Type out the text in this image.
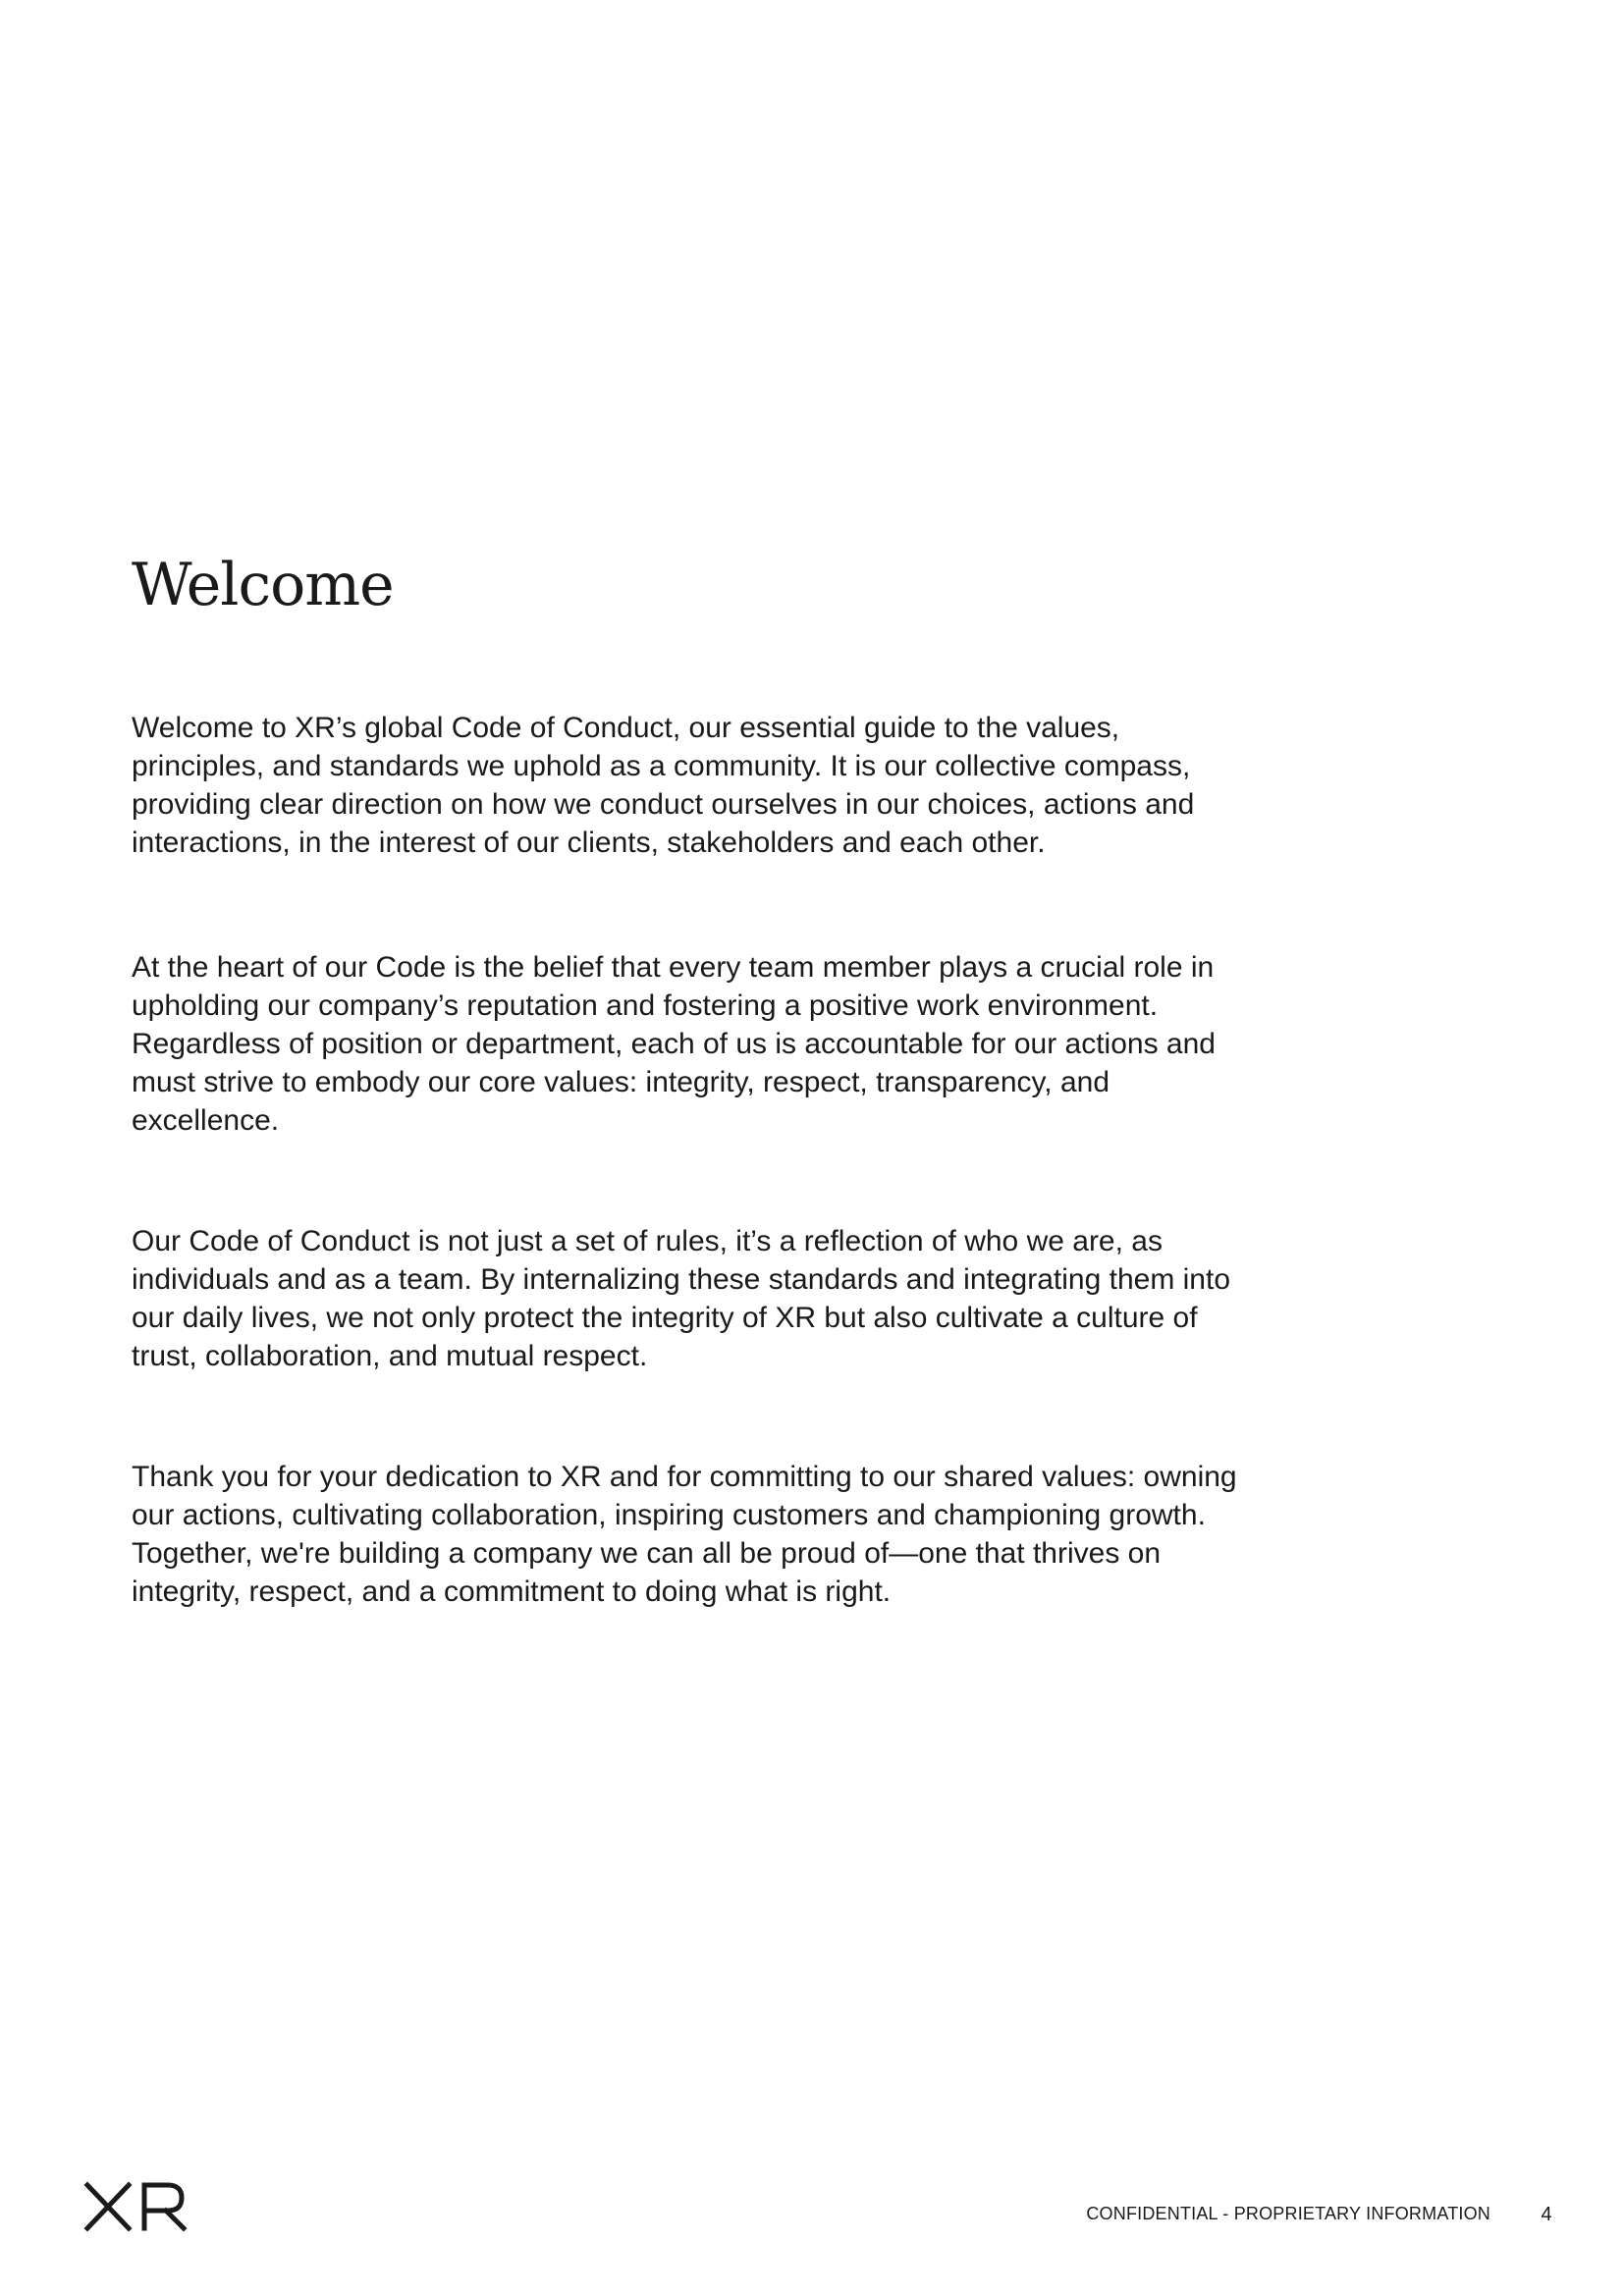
Welcome

Welcome to XR’s global Code of Conduct, our essential guide to the values,
principles, and standards we uphold as a community. It is our collective compass,
providing clear direction on how we conduct ourselves in our choices, actions and
interactions, in the interest of our clients, stakeholders and each other.

At the heart of our Code is the belief that every team member plays a crucial role in
upholding our company’s reputation and fostering a positive work environment.
Regardless of position or department, each of us is accountable for our actions and
must strive to embody our core values: integrity, respect, transparency, and
excellence.

Our Code of Conduct is not just a set of rules, it’s a reflection of who we are, as
individuals and as a team. By internalizing these standards and integrating them into
our daily lives, we not only protect the integrity of XR but also cultivate a culture of
trust, collaboration, and mutual respect.

Thank you for your dedication to XR and for committing to our shared values: owning
our actions, cultivating collaboration, inspiring customers and championing growth.
Together, we're building a company we can all be proud of—one that thrives on
integrity, respect, and a commitment to doing what is right.

CONFIDENTIAL - PROPRIETARY INFORMATION	4
